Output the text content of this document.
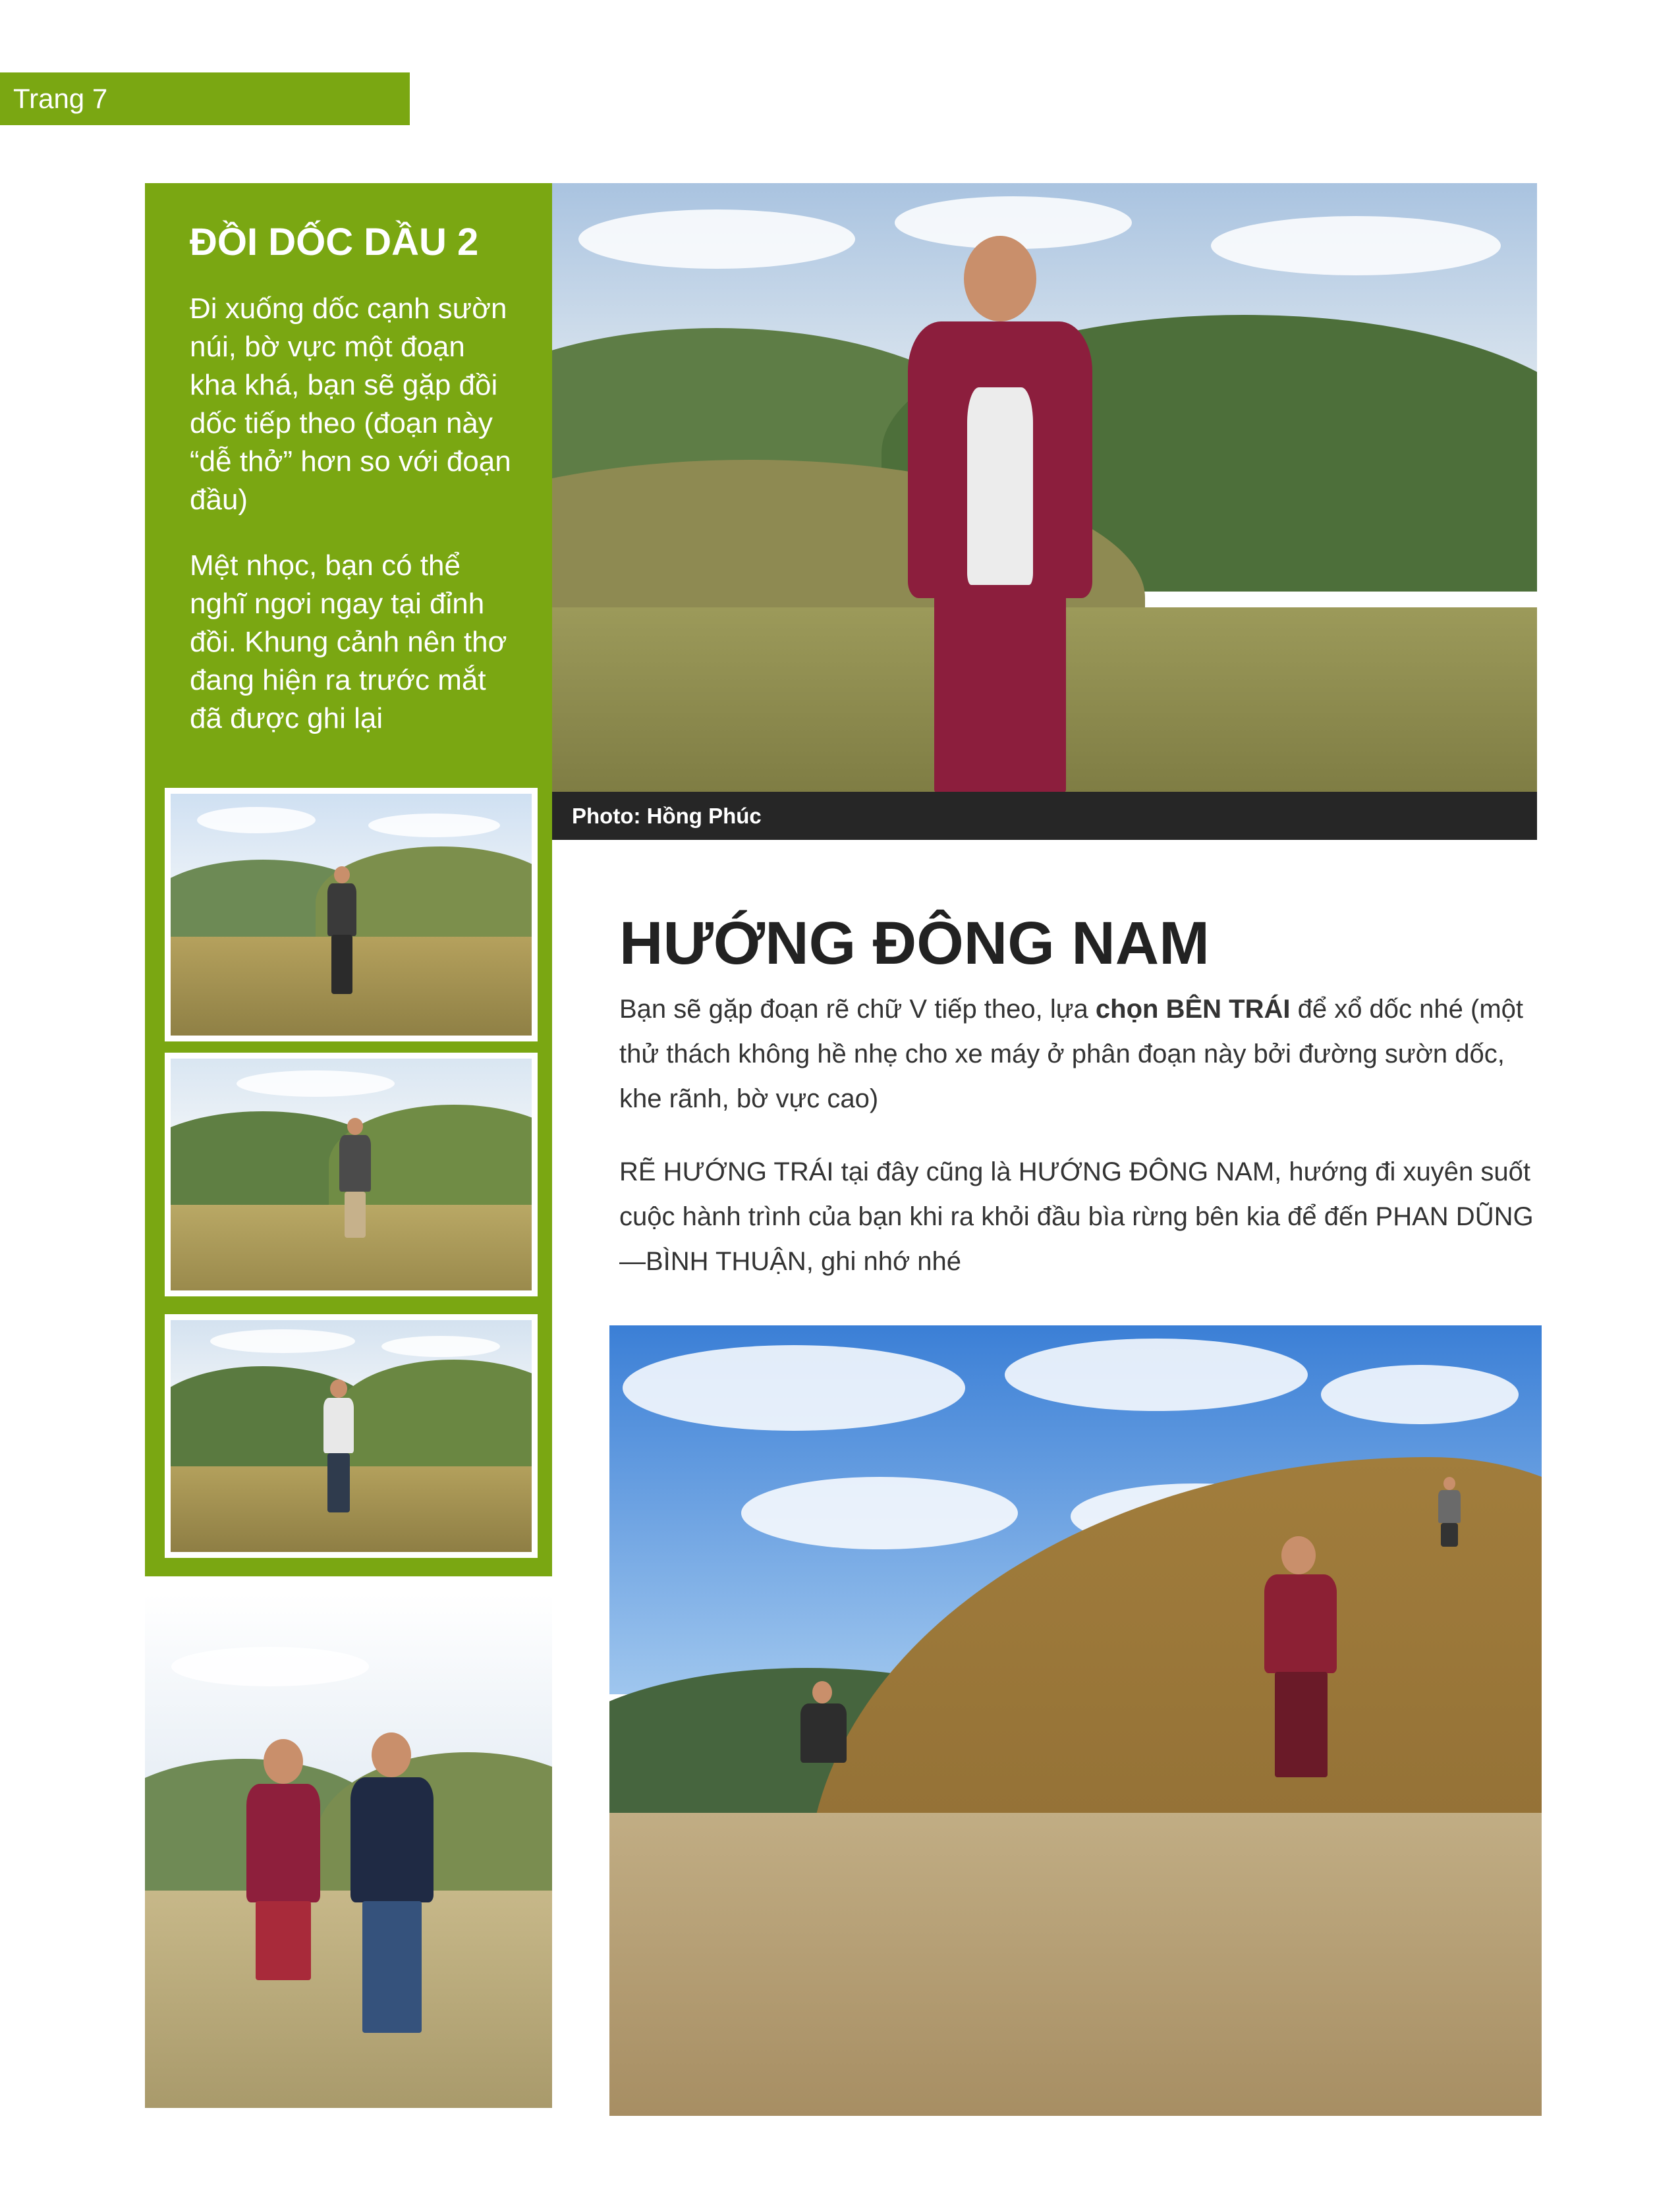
Trang 7
ĐỒI DỐC DẦU 2
Đi xuống dốc cạnh sườn núi, bờ vực một đoạn kha khá, bạn sẽ gặp đồi dốc tiếp theo (đoạn này “dễ thở” hơn so với đoạn đầu)
Mệt nhọc, bạn có thể nghĩ ngơi ngay tại đỉnh đồi. Khung cảnh nên thơ đang hiện ra trước mắt đã được ghi lại
Photo: Hồng Phúc
HƯỚNG ĐÔNG NAM
Bạn sẽ gặp đoạn rẽ chữ V tiếp theo, lựa chọn BÊN TRÁI để xổ dốc nhé (một thử thách không hề nhẹ cho xe máy ở phân đoạn này bởi đường sườn dốc, khe rãnh, bờ vực cao)
RẼ HƯỚNG TRÁI tại đây cũng là HƯỚNG ĐÔNG NAM, hướng đi xuyên suốt cuộc hành trình của bạn khi ra khỏi đầu bìa rừng bên kia để đến PHAN DŨNG—BÌNH THUẬN, ghi nhớ nhé
